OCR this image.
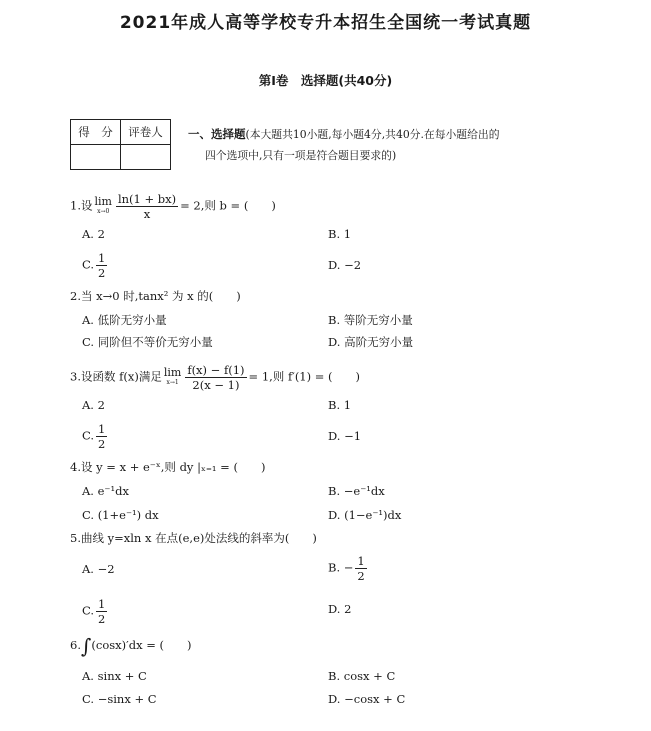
2021年成人高等学校专升本招生全国统一考试真题
第Ⅰ卷　选择题(共40分)
得　分	评卷人
	一、选择题(本大题共10小题,每小题4分,共40分.在每小题给出的
四个选项中,只有一项是符合题目要求的)
1.设 lim
$x\to 0 \frac{\ln(1 + bx)}{x} = 2$,则 b = (　　)
A. 2	B. 1
C. $\frac{1}{2}$	D. −2
2.当 x→0 时,tanx² 为 x 的(　　)
A. 低阶无穷小量	B. 等阶无穷小量
C. 同阶但不等价无穷小量	D. 高阶无穷小量
3.设函数 f(x)满足 lim
$x\to 1 \frac{f(x) - f(1)}{2(x - 1)} = 1$,则 f′(1) = (　　)
A. 2	B. 1
C. $\frac{1}{2}$	D. −1
4.设 y = x + e⁻ˣ,则 dy |ₓ₌₁ = (　　)
A. e⁻¹dx	B. −e⁻¹dx
C. (1+e⁻¹) dx	D. (1−e⁻¹)dx
5.曲线 y=xln x 在点(e,e)处法线的斜率为(　　)
A. −2	B. − $\frac{1}{2}$
C. $\frac{1}{2}$	D. 2
6.∫(cosx)′dx = (　　)
A. sinx + C	B. cosx + C
C. −sinx + C	D. −cosx + C
